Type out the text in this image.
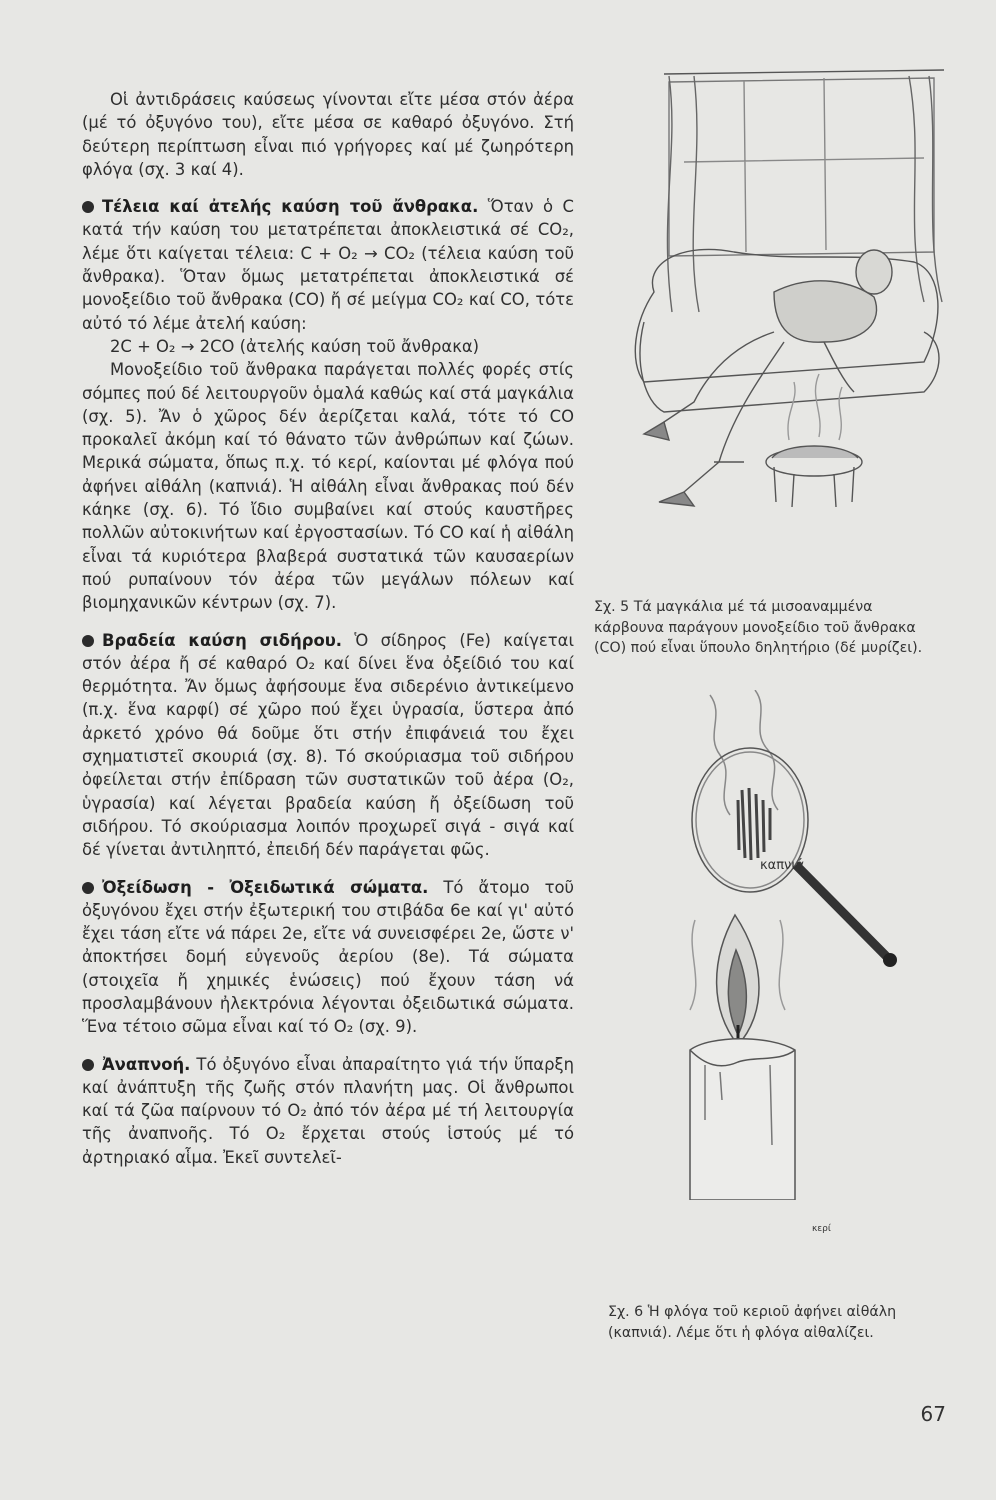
Οἱ ἀντιδράσεις καύσεως γίνονται εἴτε μέσα στόν ἀέρα (μέ τό ὀξυγόνο του), εἴτε μέσα σε καθαρό ὀξυγόνο. Στή δεύτερη περίπτωση εἶναι πιό γρήγορες καί μέ ζωηρότερη φλόγα (σχ. 3 καί 4).

Τέλεια καί ἀτελής καύση τοῦ ἄνθρακα. Ὅταν ὁ C κατά τήν καύση του μετατρέπεται ἀποκλειστικά σέ CO₂, λέμε ὅτι καίγεται τέλεια: C + O₂ → CO₂ (τέλεια καύση τοῦ ἄνθρακα). Ὅταν ὅμως μετατρέπεται ἀποκλειστικά σέ μονοξείδιο τοῦ ἄνθρακα (CO) ἤ σέ μείγμα CO₂ καί CO, τότε αὐτό τό λέμε ἀτελή καύση:

2C + O₂ → 2CO (ἀτελής καύση τοῦ ἄνθρακα)

Μονοξείδιο τοῦ ἄνθρακα παράγεται πολλές φορές στίς σόμπες πού δέ λειτουργοῦν ὁμαλά καθώς καί στά μαγκάλια (σχ. 5). Ἄν ὁ χῶρος δέν ἀερίζεται καλά, τότε τό CO προκαλεῖ ἀκόμη καί τό θάνατο τῶν ἀνθρώπων καί ζώων. Μερικά σώματα, ὅπως π.χ. τό κερί, καίονται μέ φλόγα πού ἀφήνει αἰθάλη (καπνιά). Ἡ αἰθάλη εἶναι ἄνθρακας πού δέν κάηκε (σχ. 6). Τό ἴδιο συμβαίνει καί στούς καυστῆρες πολλῶν αὐτοκινήτων καί ἐργοστασίων. Τό CO καί ἡ αἰθάλη εἶναι τά κυριότερα βλαβερά συστατικά τῶν καυσαερίων πού ρυπαίνουν τόν ἀέρα τῶν μεγάλων πόλεων καί βιομηχανικῶν κέντρων (σχ. 7).

Βραδεία καύση σιδήρου. Ὁ σίδηρος (Fe) καίγεται στόν ἀέρα ἤ σέ καθαρό O₂ καί δίνει ἕνα ὀξείδιό του καί θερμότητα. Ἄν ὅμως ἀφήσουμε ἕνα σιδερένιο ἀντικείμενο (π.χ. ἕνα καρφί) σέ χῶρο πού ἔχει ὑγρασία, ὕστερα ἀπό ἀρκετό χρόνο θά δοῦμε ὅτι στήν ἐπιφάνειά του ἔχει σχηματιστεῖ σκουριά (σχ. 8). Τό σκούριασμα τοῦ σιδήρου ὀφείλεται στήν ἐπίδραση τῶν συστατικῶν τοῦ ἀέρα (O₂, ὑγρασία) καί λέγεται βραδεία καύση ἤ ὀξείδωση τοῦ σιδήρου. Τό σκούριασμα λοιπόν προχωρεῖ σιγά - σιγά καί δέ γίνεται ἀντιληπτό, ἐπειδή δέν παράγεται φῶς.

Ὀξείδωση - Ὀξειδωτικά σώματα. Τό ἄτομο τοῦ ὀξυγόνου ἔχει στήν ἐξωτερική του στιβάδα 6e καί γι' αὐτό ἔχει τάση εἴτε νά πάρει 2e, εἴτε νά συνεισφέρει 2e, ὥστε ν' ἀποκτήσει δομή εὐγενοῦς ἀερίου (8e). Τά σώματα (στοιχεῖα ἤ χημικές ἑνώσεις) πού ἔχουν τάση νά προσλαμβάνουν ἠλεκτρόνια λέγονται ὀξειδωτικά σώματα. Ἕνα τέτοιο σῶμα εἶναι καί τό O₂ (σχ. 9).

Ἀναπνοή. Τό ὀξυγόνο εἶναι ἀπαραίτητο γιά τήν ὕπαρξη καί ἀνάπτυξη τῆς ζωῆς στόν πλανήτη μας. Οἱ ἄνθρωποι καί τά ζῶα παίρνουν τό O₂ ἀπό τόν ἀέρα μέ τή λειτουργία τῆς ἀναπνοῆς. Τό O₂ ἔρχεται στούς ἱστούς μέ τό ἀρτηριακό αἷμα. Ἐκεῖ συντελεῖ-

Σχ. 5 Τά μαγκάλια μέ τά μισοαναμμένα κάρβουνα παράγουν μονοξείδιο τοῦ ἄνθρακα (CO) πού εἶναι ὕπουλο δηλητήριο (δέ μυρίζει).
καπνιά
κερί
Σχ. 6 Ἡ φλόγα τοῦ κεριοῦ ἀφήνει αἰθάλη (καπνιά). Λέμε ὅτι ἡ φλόγα αἰθαλίζει.
67
